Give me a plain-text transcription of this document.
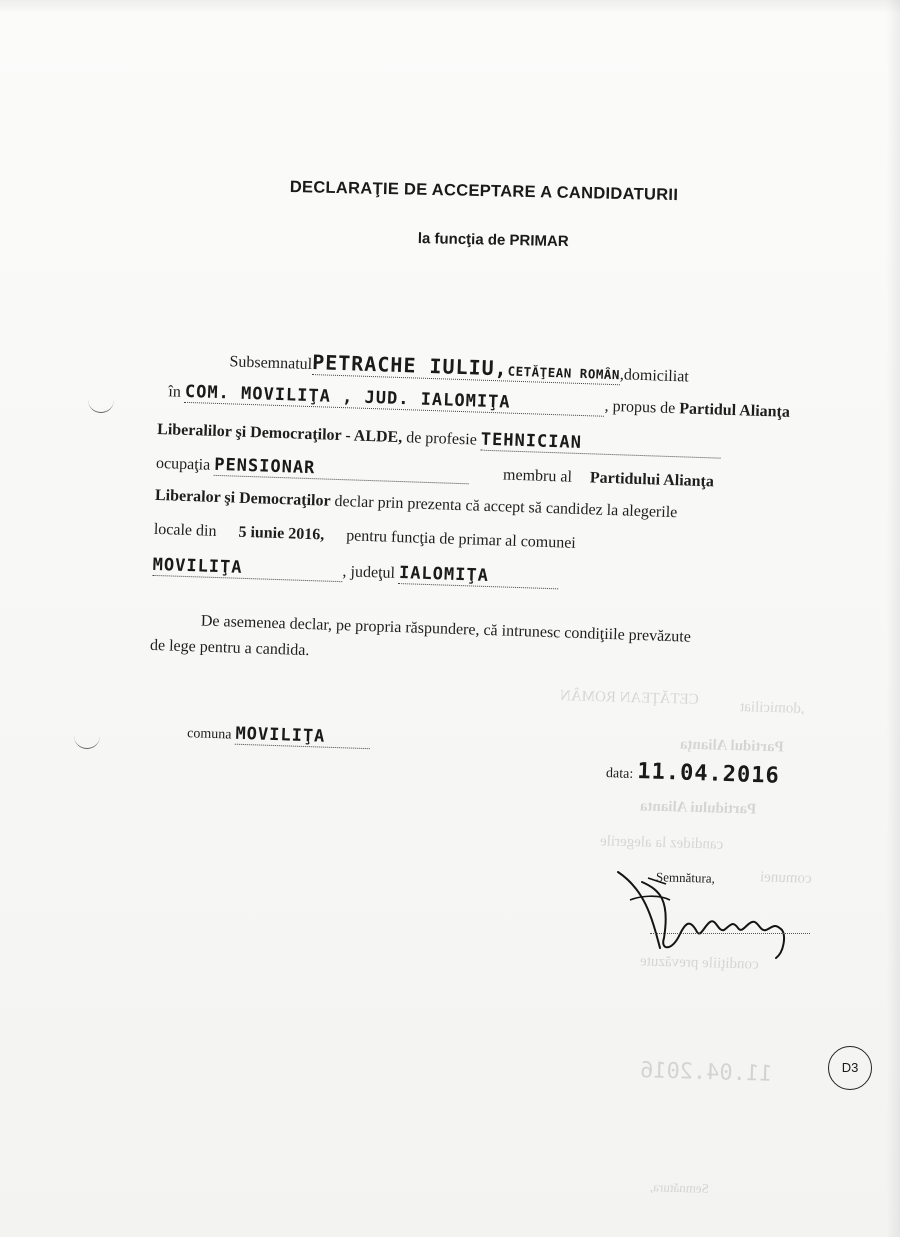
CETĂŢEAN ROMÂN
,domiciliat
Partidul Alianţa
Partidului Alianta
candidez la alegerile
comunei
condiţiile prevăzute
11.04.2016
Semnătura,
DECLARAŢIE DE ACCEPTARE A CANDIDATURII
la funcţia de PRIMAR
SubsemnatulPETRACHE IULIU,CETĂŢEAN ROMÂN,domiciliat
în COM. MOVILIŢA , JUD. IALOMIŢA	, propus de Partidul Alianţa
Liberalilor şi Democraţilor - ALDE, de profesie TEHNICIAN
ocupaţia PENSIONAR	membru al Partidului Alianţa
Liberalor şi Democraţilor declar prin prezenta că accept să candidez la alegerile
locale din 5 iunie 2016, pentru funcţia de primar al comunei
MOVILIŢA	, judeţul IALOMIŢA
De asemenea declar, pe propria răspundere, că intrunesc condiţiile prevăzute
de lege pentru a candida.
comuna MOVILIŢA
data: 11.04.2016
Semnătura,
D3
